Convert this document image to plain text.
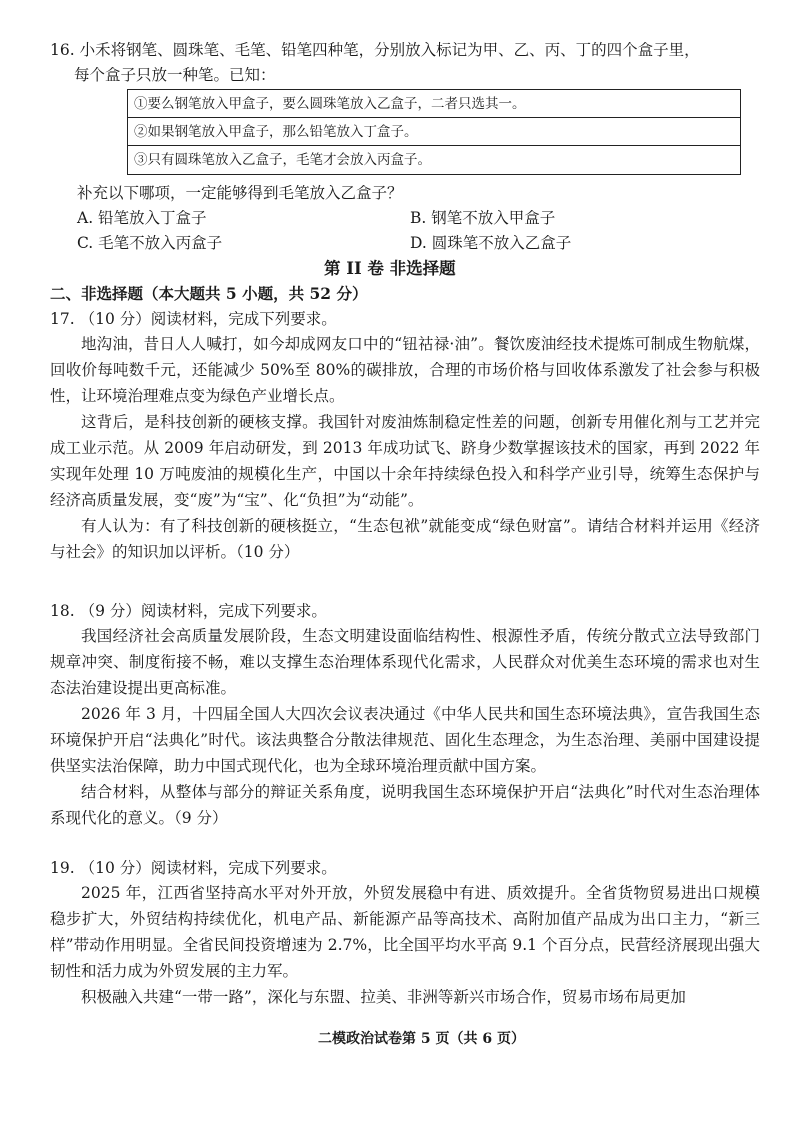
16. 小禾将钢笔、圆珠笔、毛笔、铅笔四种笔，分别放入标记为甲、乙、丙、丁的四个盒子里，
每个盒子只放一种笔。已知：
①要么钢笔放入甲盒子，要么圆珠笔放入乙盒子，二者只选其一。
②如果钢笔放入甲盒子，那么铅笔放入丁盒子。
③只有圆珠笔放入乙盒子，毛笔才会放入丙盒子。
补充以下哪项，一定能够得到毛笔放入乙盒子？
A. 铅笔放入丁盒子	B. 钢笔不放入甲盒子
C. 毛笔不放入丙盒子	D. 圆珠笔不放入乙盒子
第 II 卷 非选择题
二、非选择题（本大题共 5 小题，共 52 分）
17. （10 分）阅读材料，完成下列要求。

地沟油，昔日人人喊打，如今却成网友口中的“钮祜禄·油”。餐饮废油经技术提炼可制成生物航煤，回收价每吨数千元，还能减少 50%至 80%的碳排放，合理的市场价格与回收体系激发了社会参与积极性，让环境治理难点变为绿色产业增长点。

这背后，是科技创新的硬核支撑。我国针对废油炼制稳定性差的问题，创新专用催化剂与工艺并完成工业示范。从 2009 年启动研发，到 2013 年成功试飞、跻身少数掌握该技术的国家，再到 2022 年实现年处理 10 万吨废油的规模化生产，中国以十余年持续绿色投入和科学产业引导，统筹生态保护与经济高质量发展，变“废”为“宝”、化“负担”为“动能”。

有人认为：有了科技创新的硬核挺立，“生态包袱”就能变成“绿色财富”。请结合材料并运用《经济与社会》的知识加以评析。（10 分）

18. （9 分）阅读材料，完成下列要求。

我国经济社会高质量发展阶段，生态文明建设面临结构性、根源性矛盾，传统分散式立法导致部门规章冲突、制度衔接不畅，难以支撑生态治理体系现代化需求，人民群众对优美生态环境的需求也对生态法治建设提出更高标准。

2026 年 3 月，十四届全国人大四次会议表决通过《中华人民共和国生态环境法典》，宣告我国生态环境保护开启“法典化”时代。该法典整合分散法律规范、固化生态理念，为生态治理、美丽中国建设提供坚实法治保障，助力中国式现代化，也为全球环境治理贡献中国方案。

结合材料，从整体与部分的辩证关系角度，说明我国生态环境保护开启“法典化”时代对生态治理体系现代化的意义。（9 分）

19. （10 分）阅读材料，完成下列要求。

2025 年，江西省坚持高水平对外开放，外贸发展稳中有进、质效提升。全省货物贸易进出口规模稳步扩大，外贸结构持续优化，机电产品、新能源产品等高技术、高附加值产品成为出口主力，“新三样”带动作用明显。全省民间投资增速为 2.7%，比全国平均水平高 9.1 个百分点，民营经济展现出强大韧性和活力成为外贸发展的主力军。

积极融入共建“一带一路”，深化与东盟、拉美、非洲等新兴市场合作，贸易市场布局更加

二模政治试卷第 5 页（共 6 页）
